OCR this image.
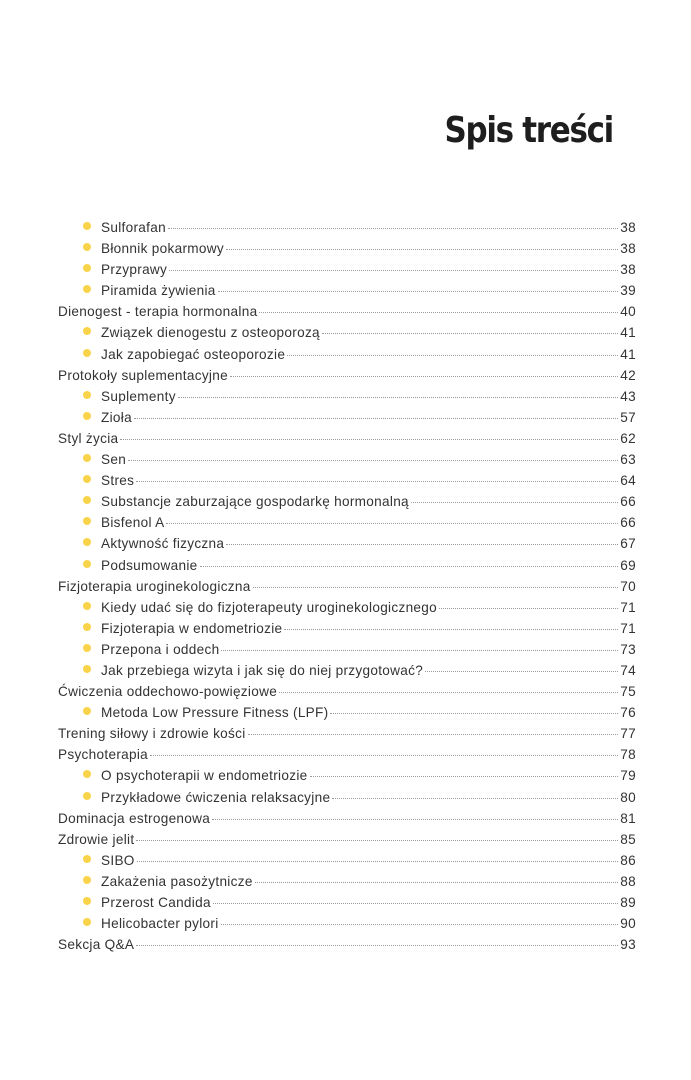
Spis treści
Sulforafan	38
Błonnik pokarmowy	38
Przyprawy	38
Piramida żywienia	39
Dienogest - terapia hormonalna	40
Związek dienogestu z osteoporozą	41
Jak zapobiegać osteoporozie	41
Protokoły suplementacyjne	42
Suplementy	43
Zioła	57
Styl życia	62
Sen	63
Stres	64
Substancje zaburzające gospodarkę hormonalną	66
Bisfenol A	66
Aktywność fizyczna	67
Podsumowanie	69
Fizjoterapia uroginekologiczna	70
Kiedy udać się do fizjoterapeuty uroginekologicznego	71
Fizjoterapia w endometriozie	71
Przepona i oddech	73
Jak przebiega wizyta i jak się do niej przygotować?	74
Ćwiczenia oddechowo-powięziowe	75
Metoda Low Pressure Fitness (LPF)	76
Trening siłowy i zdrowie kości	77
Psychoterapia	78
O psychoterapii w endometriozie	79
Przykładowe ćwiczenia relaksacyjne	80
Dominacja estrogenowa	81
Zdrowie jelit	85
SIBO	86
Zakażenia pasożytnicze	88
Przerost Candida	89
Helicobacter pylori	90
Sekcja Q&A	93
